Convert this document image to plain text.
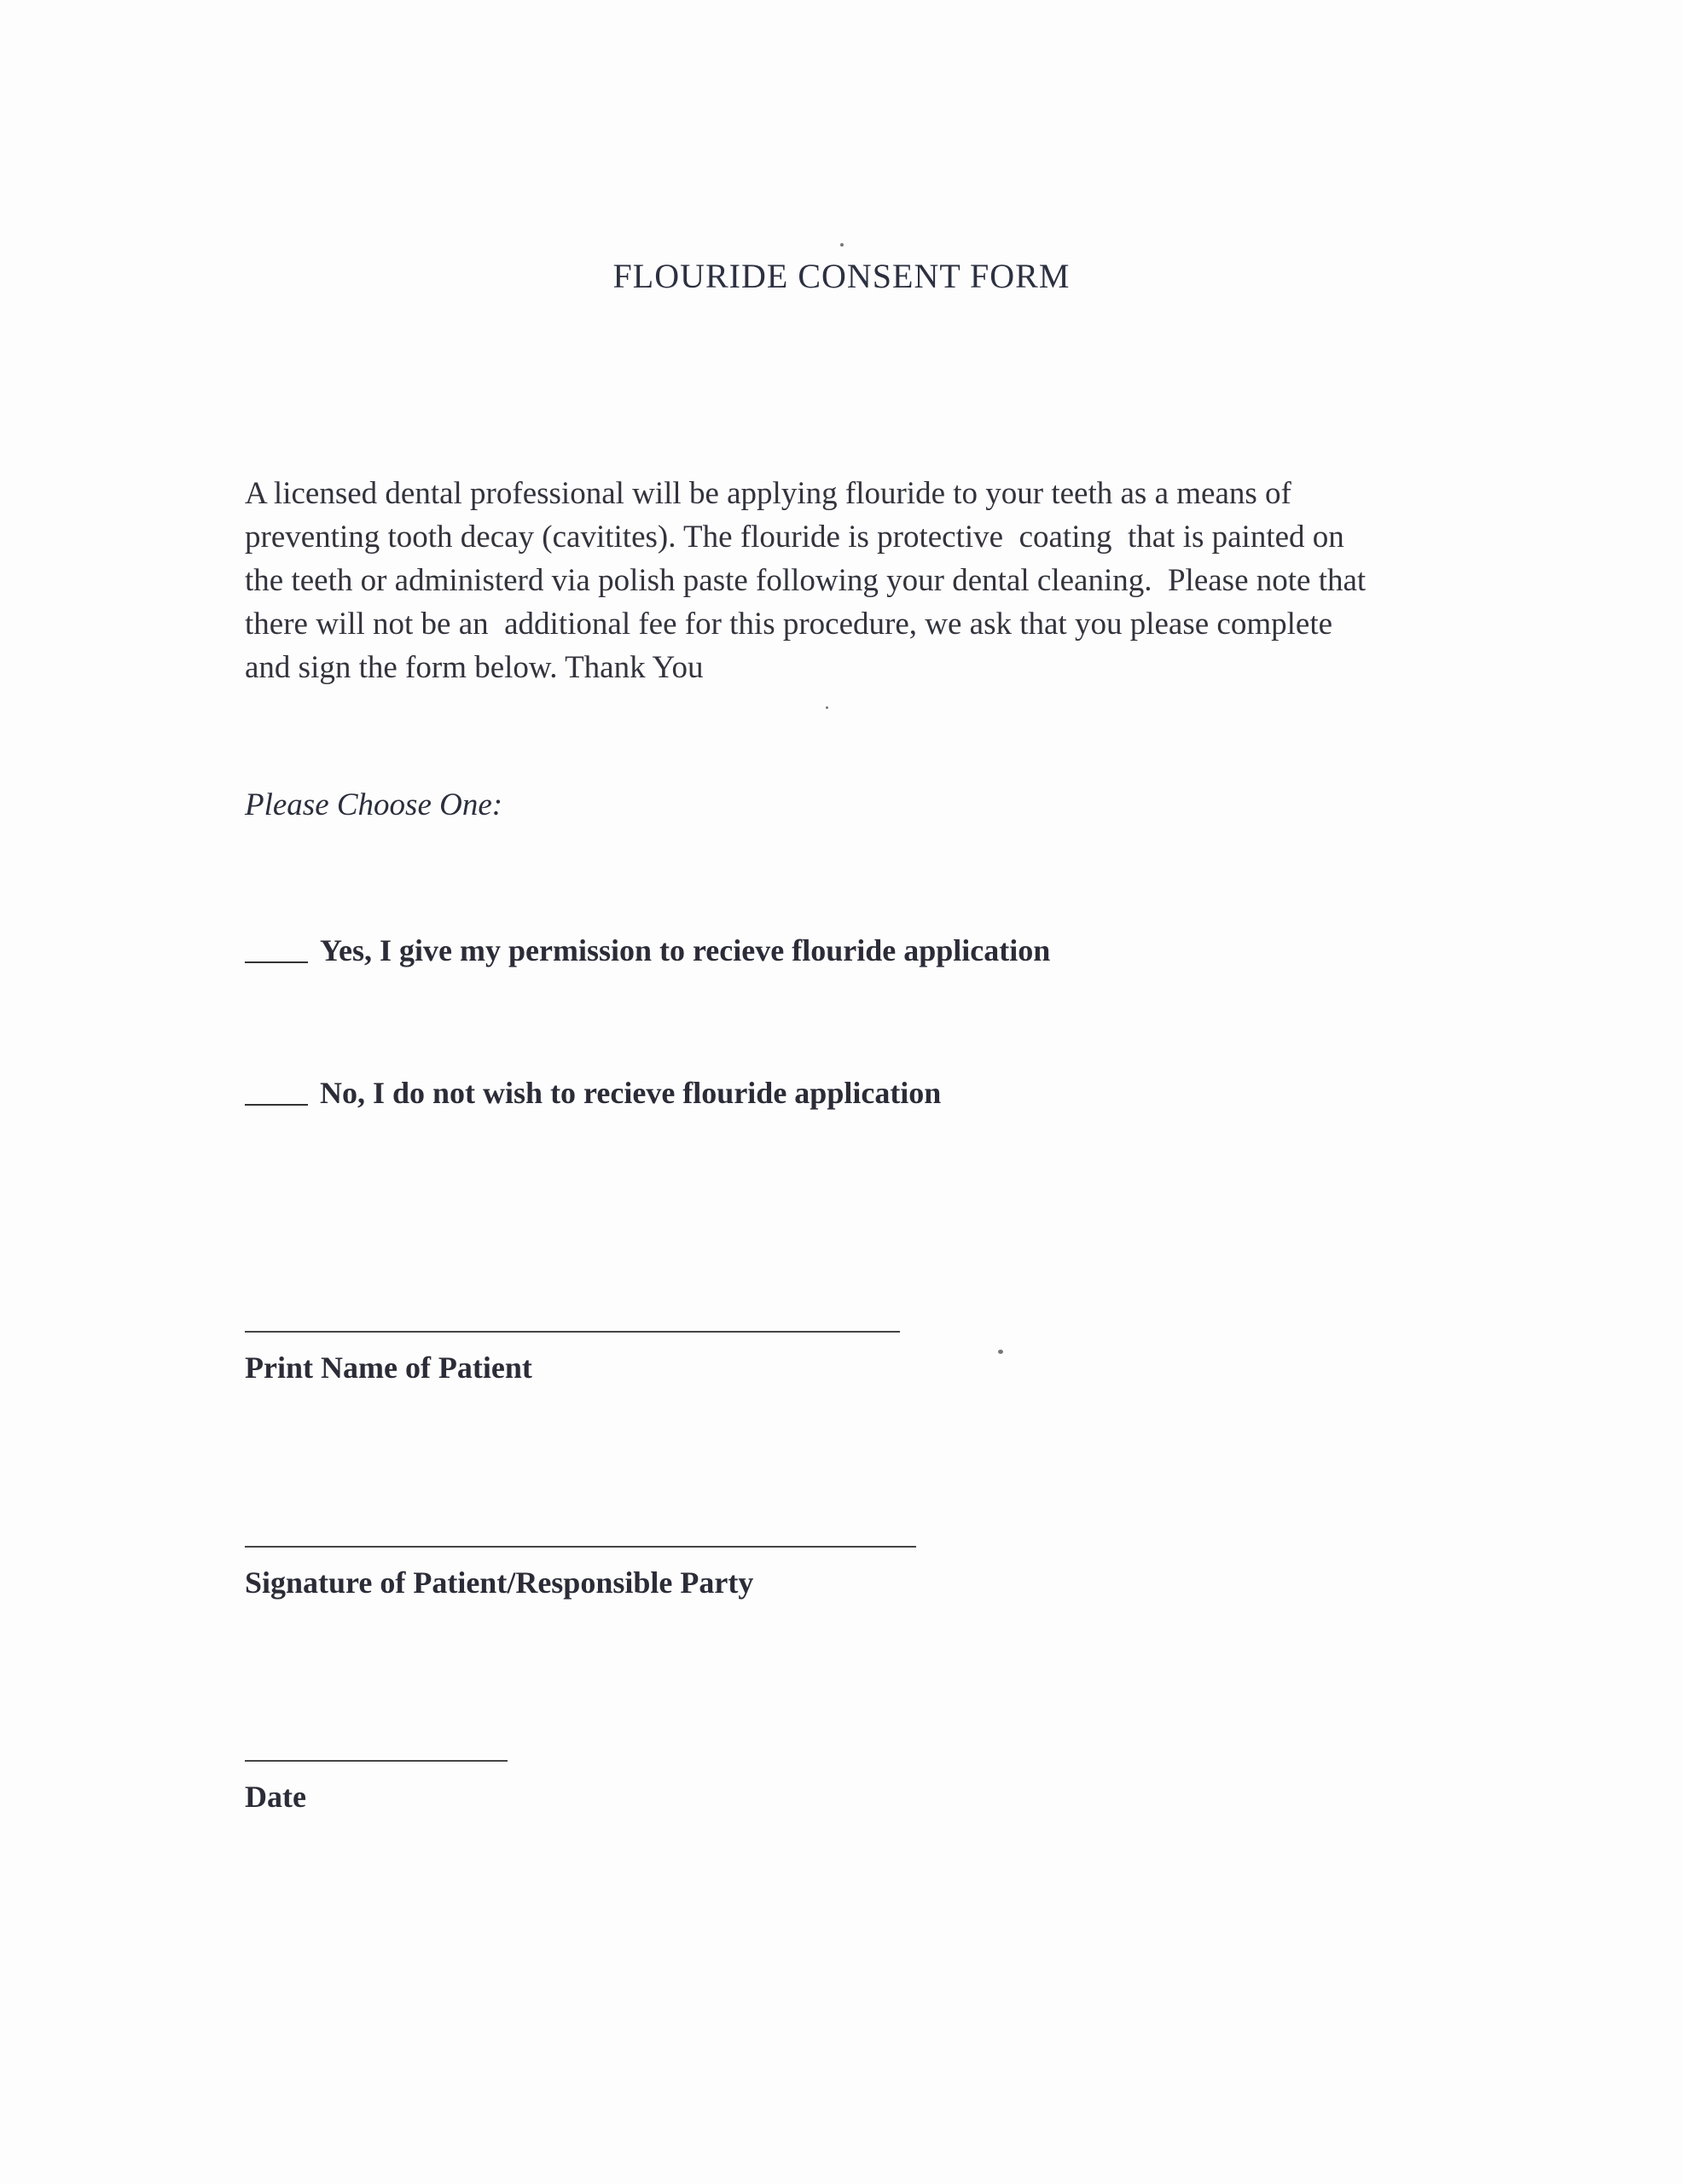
FLOURIDE CONSENT FORM

A licensed dental professional will be applying flouride to your teeth as a means of
preventing tooth decay (cavitites). The flouride is protective  coating  that is painted on
the teeth or administerd via polish paste following your dental cleaning.  Please note that
there will not be an  additional fee for this procedure, we ask that you please complete
and sign the form below. Thank You

Please Choose One:
Yes, I give my permission to recieve flouride application
No, I do not wish to recieve flouride application
Print Name of Patient
Signature of Patient/Responsible Party
Date
